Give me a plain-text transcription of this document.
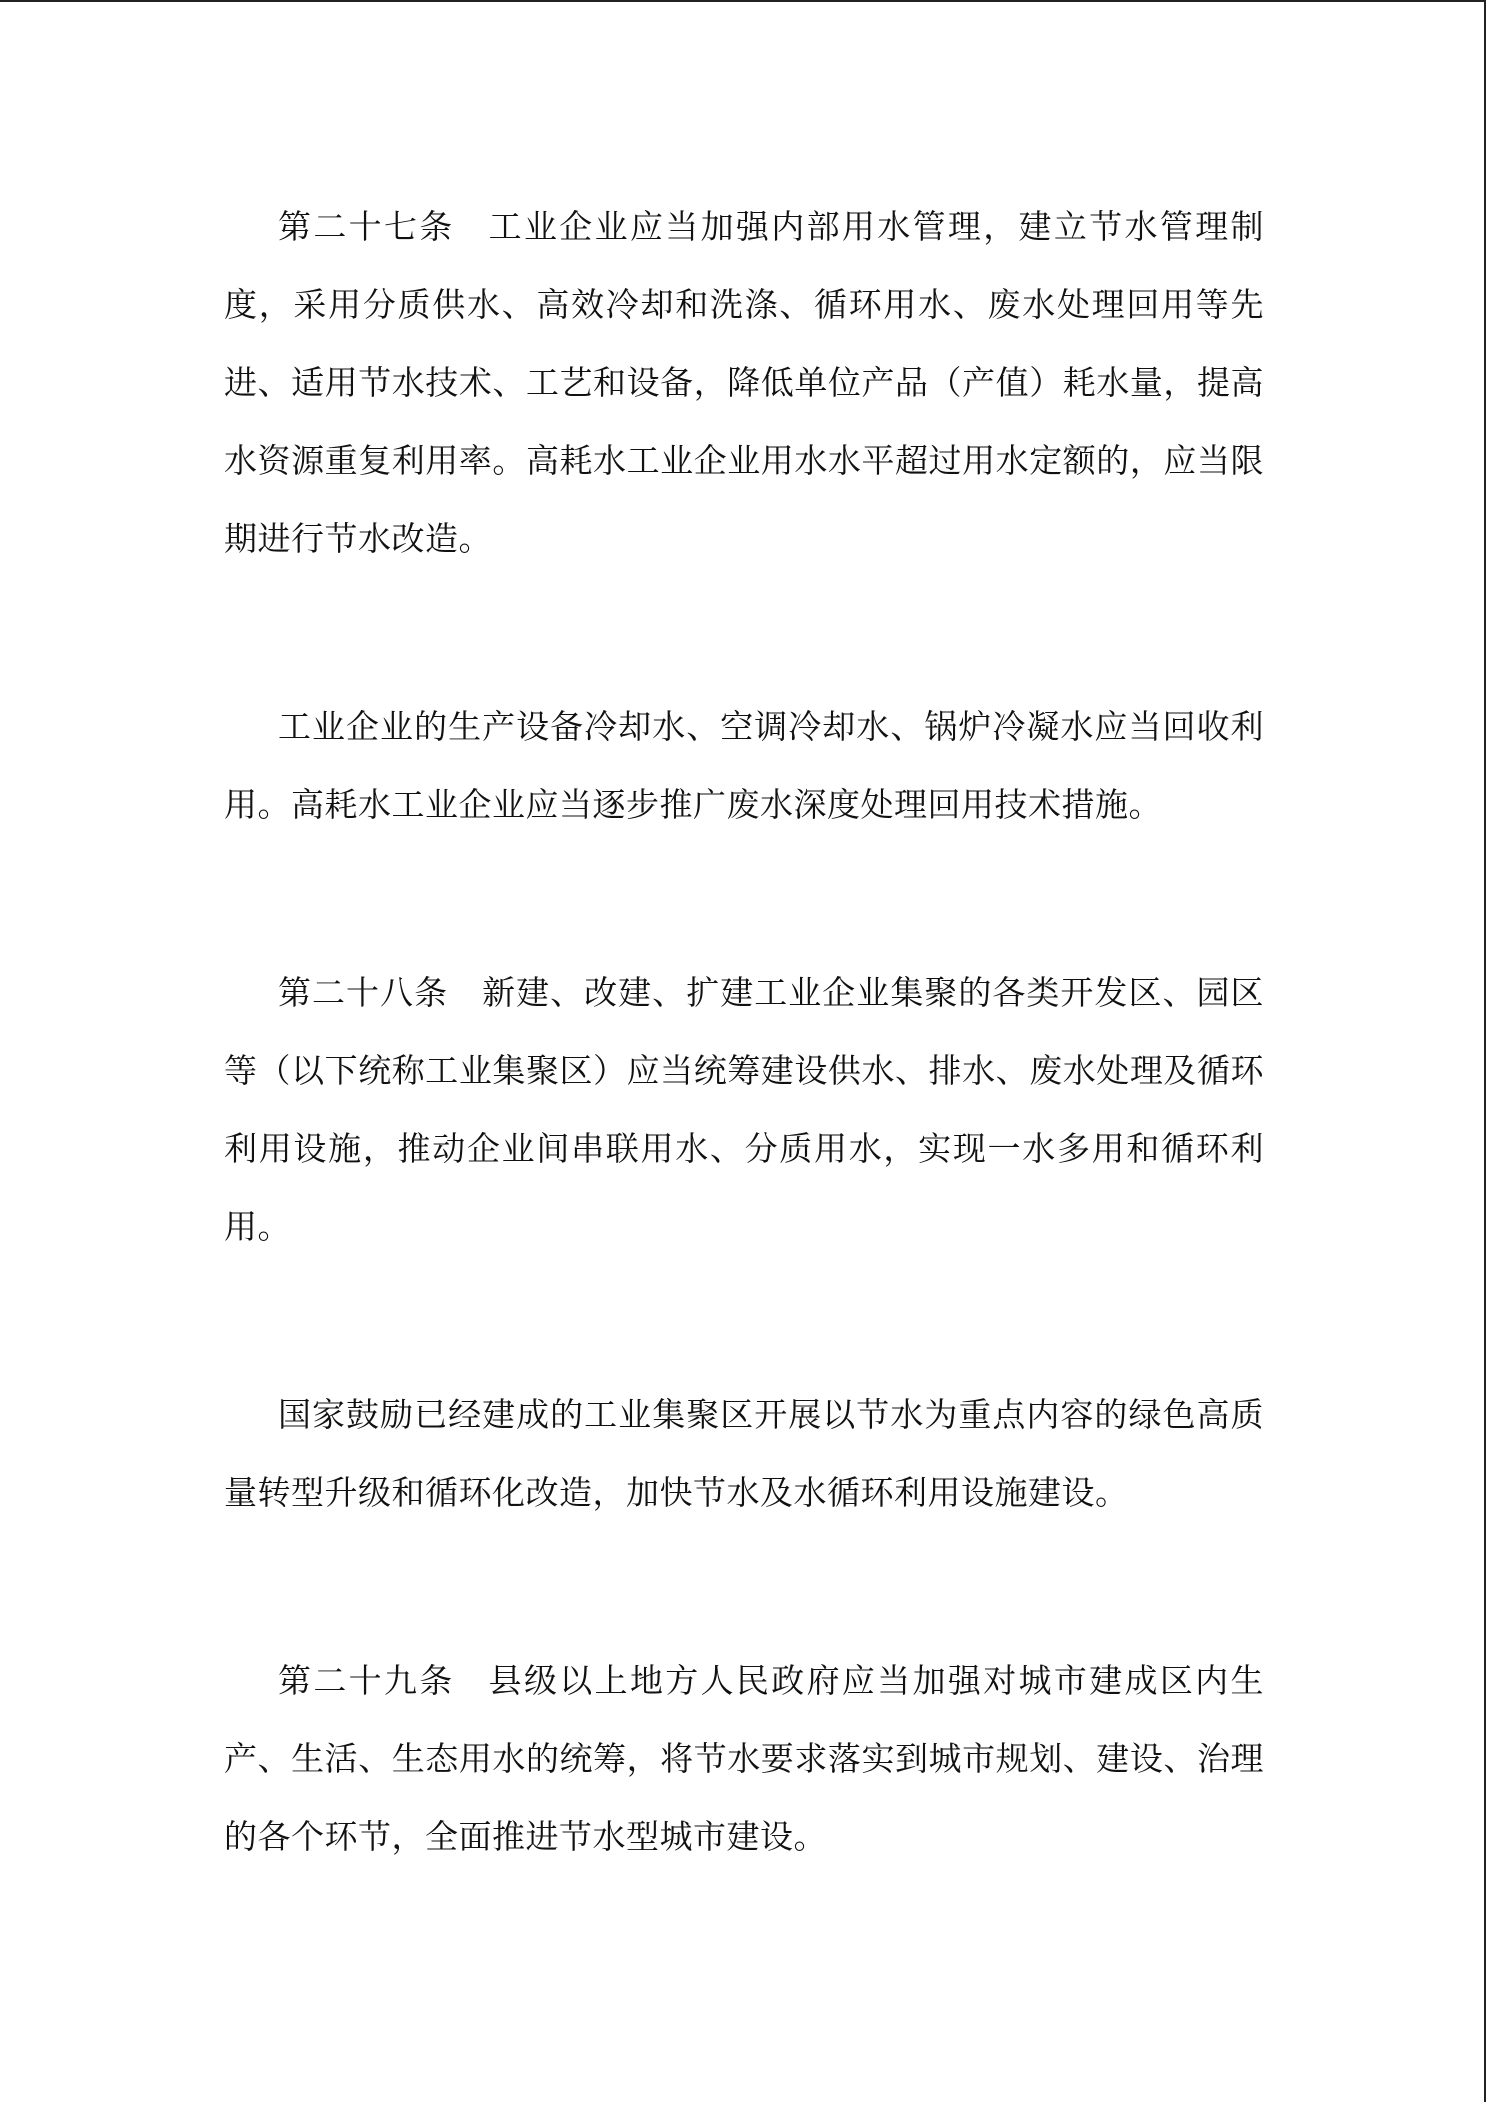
第二十七条 工业企业应当加强内部用水管理，建立节水管理制度，采用分质供水、高效冷却和洗涤、循环用水、废水处理回用等先进、适用节水技术、工艺和设备，降低单位产品（产值）耗水量，提高水资源重复利用率。高耗水工业企业用水水平超过用水定额的，应当限期进行节水改造。

工业企业的生产设备冷却水、空调冷却水、锅炉冷凝水应当回收利用。高耗水工业企业应当逐步推广废水深度处理回用技术措施。

第二十八条 新建、改建、扩建工业企业集聚的各类开发区、园区等（以下统称工业集聚区）应当统筹建设供水、排水、废水处理及循环利用设施，推动企业间串联用水、分质用水，实现一水多用和循环利用。

国家鼓励已经建成的工业集聚区开展以节水为重点内容的绿色高质量转型升级和循环化改造，加快节水及水循环利用设施建设。

第二十九条 县级以上地方人民政府应当加强对城市建成区内生产、生活、生态用水的统筹，将节水要求落实到城市规划、建设、治理的各个环节，全面推进节水型城市建设。
